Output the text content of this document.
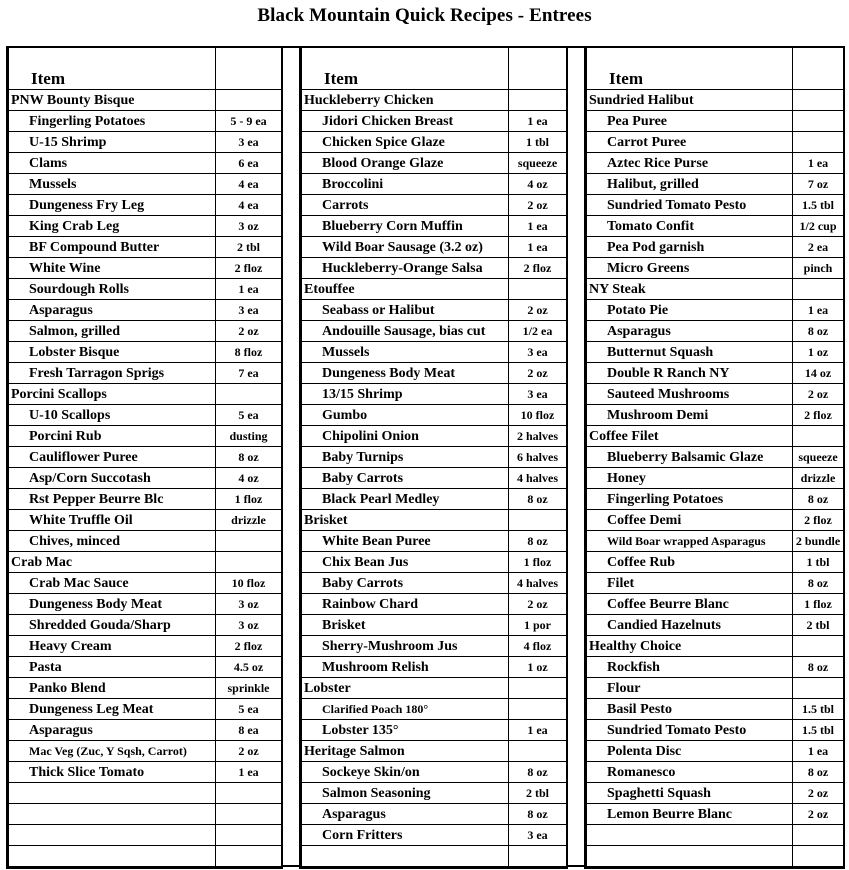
Black Mountain Quick Recipes - Entrees
Item	
PNW Bounty Bisque	
Fingerling Potatoes	5 - 9 ea
U-15 Shrimp	3 ea
Clams	6 ea
Mussels	4 ea
Dungeness Fry Leg	4 ea
King Crab Leg	3 oz
BF Compound Butter	2 tbl
White Wine	2 floz
Sourdough Rolls	1 ea
Asparagus	3 ea
Salmon, grilled	2 oz
Lobster Bisque	8 floz
Fresh Tarragon Sprigs	7 ea
Porcini Scallops	
U-10 Scallops	5 ea
Porcini Rub	dusting
Cauliflower Puree	8 oz
Asp/Corn Succotash	4 oz
Rst Pepper Beurre Blc	1 floz
White Truffle Oil	drizzle
Chives, minced	
Crab Mac	
Crab Mac Sauce	10 floz
Dungeness Body Meat	3 oz
Shredded Gouda/Sharp	3 oz
Heavy Cream	2 floz
Pasta	4.5 oz
Panko Blend	sprinkle
Dungeness Leg Meat	5 ea
Asparagus	8 ea
Mac Veg (Zuc, Y Sqsh, Carrot)	2 oz
Thick Slice Tomato	1 ea

Item	
Huckleberry Chicken	
Jidori Chicken Breast	1 ea
Chicken Spice Glaze	1 tbl
Blood Orange Glaze	squeeze
Broccolini	4 oz
Carrots	2 oz
Blueberry Corn Muffin	1 ea
Wild Boar Sausage (3.2 oz)	1 ea
Huckleberry-Orange Salsa	2 floz
Etouffee	
Seabass or Halibut	2 oz
Andouille Sausage, bias cut	1/2 ea
Mussels	3 ea
Dungeness Body Meat	2 oz
13/15 Shrimp	3 ea
Gumbo	10 floz
Chipolini Onion	2 halves
Baby Turnips	6 halves
Baby Carrots	4 halves
Black Pearl Medley	8 oz
Brisket	
White Bean Puree	8 oz
Chix Bean Jus	1 floz
Baby Carrots	4 halves
Rainbow Chard	2 oz
Brisket	1 por
Sherry-Mushroom Jus	4 floz
Mushroom Relish	1 oz
Lobster	
Clarified Poach 180°	
Lobster 135°	1 ea
Heritage Salmon	
Sockeye Skin/on	8 oz
Salmon Seasoning	2 tbl
Asparagus	8 oz
Corn Fritters	3 ea

Item	
Sundried Halibut	
Pea Puree	
Carrot Puree	
Aztec Rice Purse	1 ea
Halibut, grilled	7 oz
Sundried Tomato Pesto	1.5 tbl
Tomato Confit	1/2 cup
Pea Pod garnish	2 ea
Micro Greens	pinch
NY Steak	
Potato Pie	1 ea
Asparagus	8 oz
Butternut Squash	1 oz
Double R Ranch NY	14 oz
Sauteed Mushrooms	2 oz
Mushroom Demi	2 floz
Coffee Filet	
Blueberry Balsamic Glaze	squeeze
Honey	drizzle
Fingerling Potatoes	8 oz
Coffee Demi	2 floz
Wild Boar wrapped Asparagus	2 bundle
Coffee Rub	1 tbl
Filet	8 oz
Coffee Beurre Blanc	1 floz
Candied Hazelnuts	2 tbl
Healthy Choice	
Rockfish	8 oz
Flour	
Basil Pesto	1.5 tbl
Sundried Tomato Pesto	1.5 tbl
Polenta Disc	1 ea
Romanesco	8 oz
Spaghetti Squash	2 oz
Lemon Beurre Blanc	2 oz
